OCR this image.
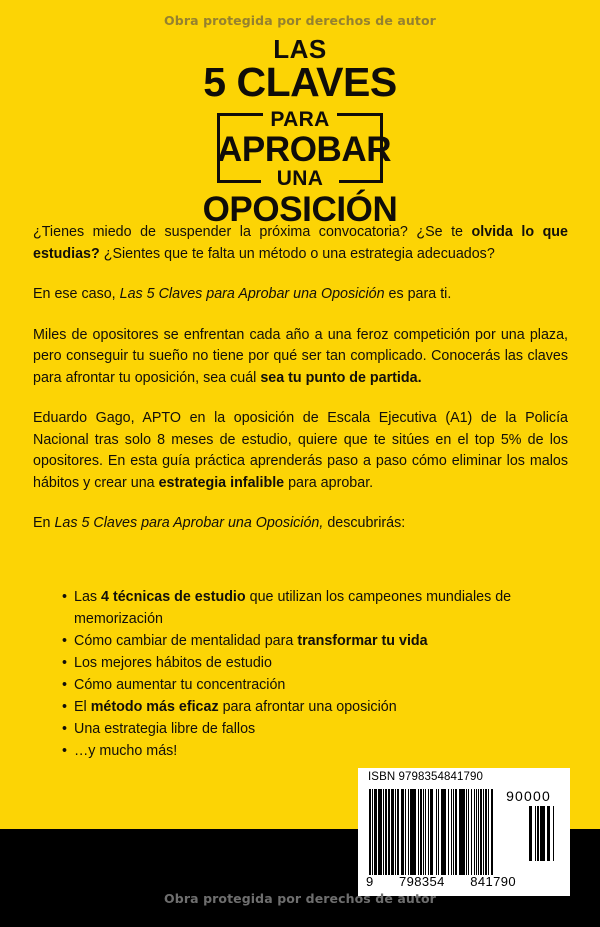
Obra protegida por derechos de autor
LAS
5 CLAVES
PARA
APROBAR
UNA
OPOSICIÓN

¿Tienes miedo de suspender la próxima convocatoria? ¿Se te olvida lo que estudias? ¿Sientes que te falta un método o una estrategia adecuados?

En ese caso, Las 5 Claves para Aprobar una Oposición es para ti.

Miles de opositores se enfrentan cada año a una feroz competición por una plaza, pero conseguir tu sueño no tiene por qué ser tan complicado. Conocerás las claves para afrontar tu oposición, sea cuál sea tu punto de partida.

Eduardo Gago, APTO en la oposición de Escala Ejecutiva (A1) de la Policía Nacional tras solo 8 meses de estudio, quiere que te sitúes en el top 5% de los opositores. En esta guía práctica aprenderás paso a paso cómo eliminar los malos hábitos y crear una estrategia infalible para aprobar.

En Las 5 Claves para Aprobar una Oposición, descubrirás:

• Las 4 técnicas de estudio que utilizan los campeones mundiales de memorización
• Cómo cambiar de mentalidad para transformar tu vida
• Los mejores hábitos de estudio
• Cómo aumentar tu concentración
• El método más eficaz para afrontar una oposición
• Una estrategia libre de fallos
• …y mucho más!
ISBN 9798354841790
90000
9 798354 841790
Obra protegida por derechos de autor
